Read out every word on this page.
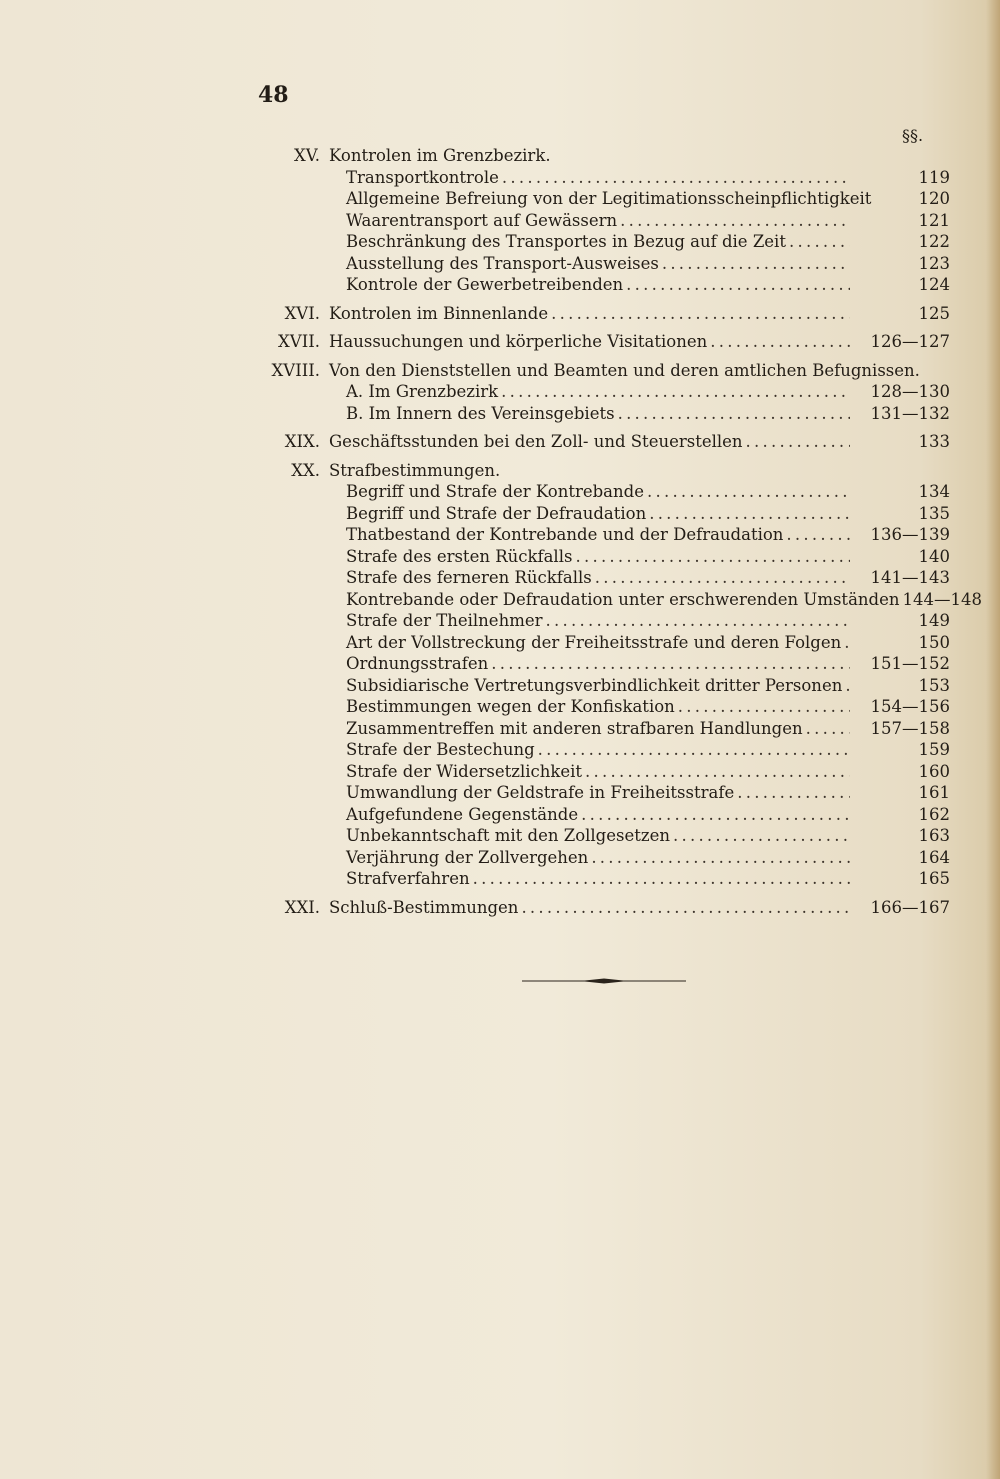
48
§§.
XV. Kontrolen im Grenzbezirk.
Transportkontrole . . .	119
Allgemeine Befreiung von der Legitimationsscheinpflichtigkeit	120
Waarentransport auf Gewässern . . .	121
Beschränkung des Transportes in Bezug auf die Zeit . . .	122
Ausstellung des Transport-Ausweises . . .	123
Kontrole der Gewerbetreibenden . . .	124
XVI. Kontrolen im Binnenlande . . .	125
XVII. Haussuchungen und körperliche Visitationen . . .	126—127
XVIII. Von den Dienststellen und Beamten und deren amtlichen Befugnissen.
A. Im Grenzbezirk . . .	128—130
B. Im Innern des Vereinsgebiets . . .	131—132
XIX. Geschäftsstunden bei den Zoll- und Steuerstellen . . .	133
XX. Strafbestimmungen.
Begriff und Strafe der Kontrebande . . .	134
Begriff und Strafe der Defraudation . . .	135
Thatbestand der Kontrebande und der Defraudation . . .	136—139
Strafe des ersten Rückfalls . . .	140
Strafe des ferneren Rückfalls . . .	141—143
Kontrebande oder Defraudation unter erschwerenden Umständen 144—148
Strafe der Theilnehmer . . .	149
Art der Vollstreckung der Freiheitsstrafe und deren Folgen . . .	150
Ordnungsstrafen . . .	151—152
Subsidiarische Vertretungsverbindlichkeit dritter Personen . . .	153
Bestimmungen wegen der Konfiskation . . .	154—156
Zusammentreffen mit anderen strafbaren Handlungen . . .	157—158
Strafe der Bestechung . . .	159
Strafe der Widersetzlichkeit . . .	160
Umwandlung der Geldstrafe in Freiheitsstrafe . . .	161
Aufgefundene Gegenstände . . .	162
Unbekanntschaft mit den Zollgesetzen . . .	163
Verjährung der Zollvergehen . . .	164
Strafverfahren . . .	165
XXI. Schluß-Bestimmungen . . .	166—167
